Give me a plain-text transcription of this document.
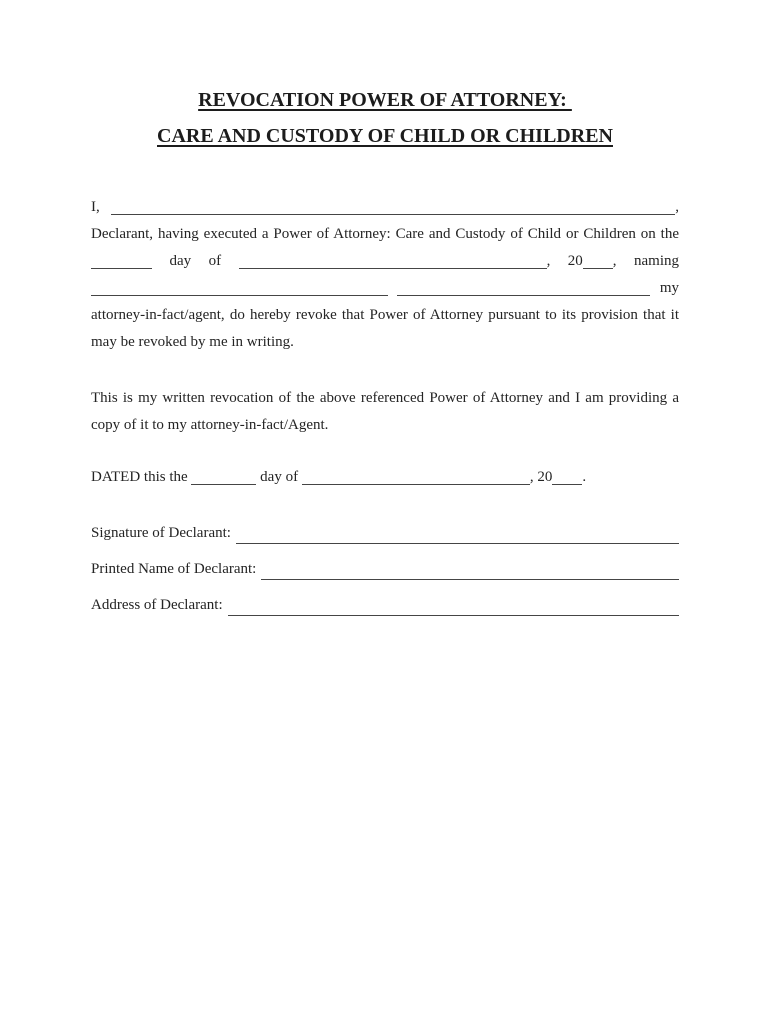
REVOCATION POWER OF ATTORNEY:
CARE AND CUSTODY OF CHILD OR CHILDREN
I,	,
Declarant, having executed a Power of Attorney: Care and Custody of Child or Children on the
day of	, 20 , naming
my
attorney-in-fact/agent, do hereby revoke that Power of Attorney pursuant to its provision that it
may be revoked by me in writing.
This is my written revocation of the above referenced Power of Attorney and I am providing a
copy of it to my attorney-in-fact/Agent.
DATED this the	day of	, 20 .
Signature of Declarant:
Printed Name of Declarant:
Address of Declarant:
